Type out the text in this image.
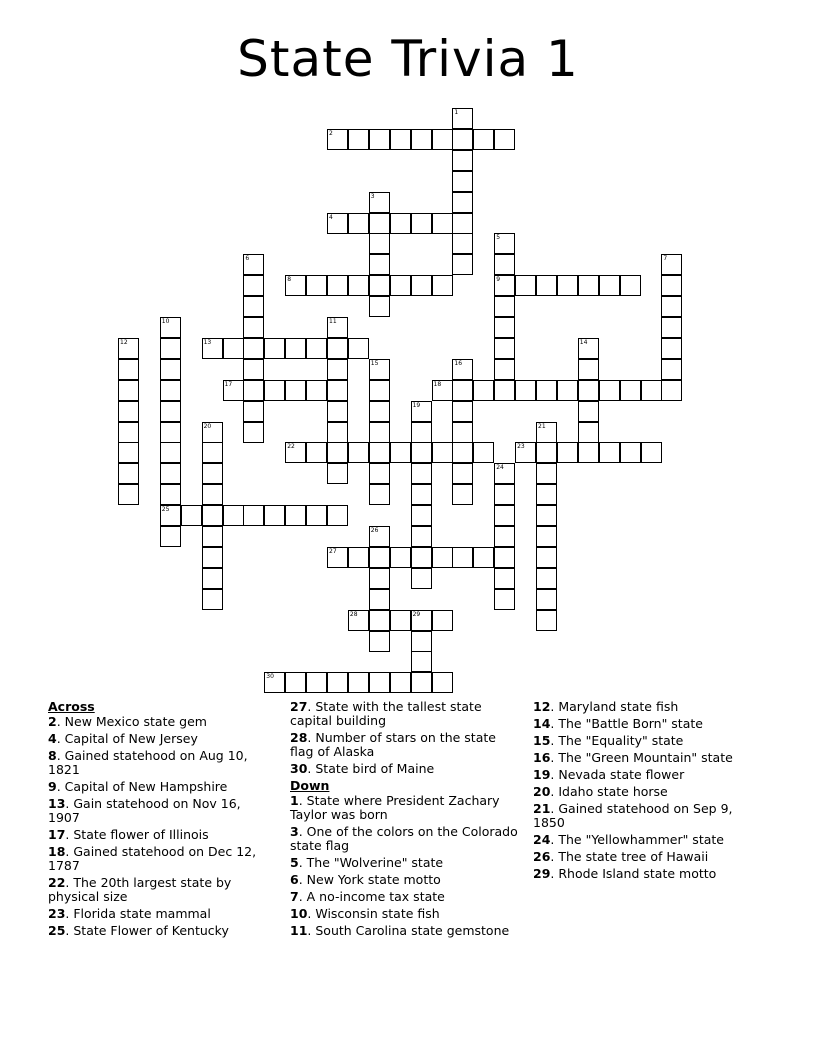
State Trivia 1
2
4
8	9
13
17	18
22	23
25
27
28	29
30
1
3
5
6	7
10	11
12	14
15	16
19
20	21
24
26
Across
2. New Mexico state gem
4. Capital of New Jersey
8. Gained statehood on Aug 10, 1821
9. Capital of New Hampshire
13. Gain statehood on Nov 16, 1907
17. State flower of Illinois
18. Gained statehood on Dec 12, 1787
22. The 20th largest state by physical size
23. Florida state mammal
25. State Flower of Kentucky
27. State with the tallest state capital building
28. Number of stars on the state flag of Alaska
30. State bird of Maine
Down
1. State where President Zachary Taylor was born
3. One of the colors on the Colorado state flag
5. The "Wolverine" state
6. New York state motto
7. A no-income tax state
10. Wisconsin state fish
11. South Carolina state gemstone
12. Maryland state fish
14. The "Battle Born" state
15. The "Equality" state
16. The "Green Mountain" state
19. Nevada state flower
20. Idaho state horse
21. Gained statehood on Sep 9, 1850
24. The "Yellowhammer" state
26. The state tree of Hawaii
29. Rhode Island state motto
